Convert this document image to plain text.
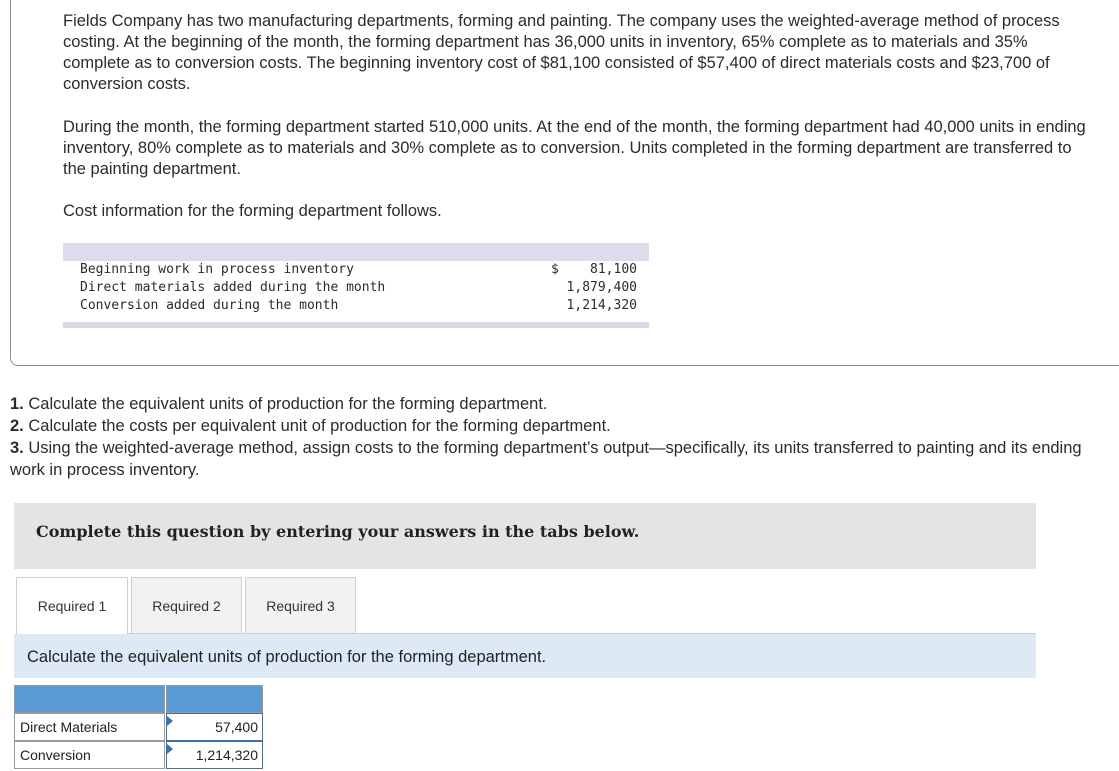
Fields Company has two manufacturing departments, forming and painting. The company uses the weighted-average method of process costing. At the beginning of the month, the forming department has 36,000 units in inventory, 65% complete as to materials and 35% complete as to conversion costs. The beginning inventory cost of $81,100 consisted of $57,400 of direct materials costs and $23,700 of conversion costs.
During the month, the forming department started 510,000 units. At the end of the month, the forming department had 40,000 units in ending inventory, 80% complete as to materials and 30% complete as to conversion. Units completed in the forming department are transferred to the painting department.
Cost information for the forming department follows.
Beginning work in process inventory	$ 81,100
Direct materials added during the month	1,879,400
Conversion added during the month	1,214,320
1. Calculate the equivalent units of production for the forming department.
2. Calculate the costs per equivalent unit of production for the forming department.
3. Using the weighted-average method, assign costs to the forming department’s output—specifically, its units transferred to painting and its ending work in process inventory.
Complete this question by entering your answers in the tabs below.
Required 1	Required 2	Required 3
Calculate the equivalent units of production for the forming department.
Direct Materials	57,400
Conversion	1,214,320
